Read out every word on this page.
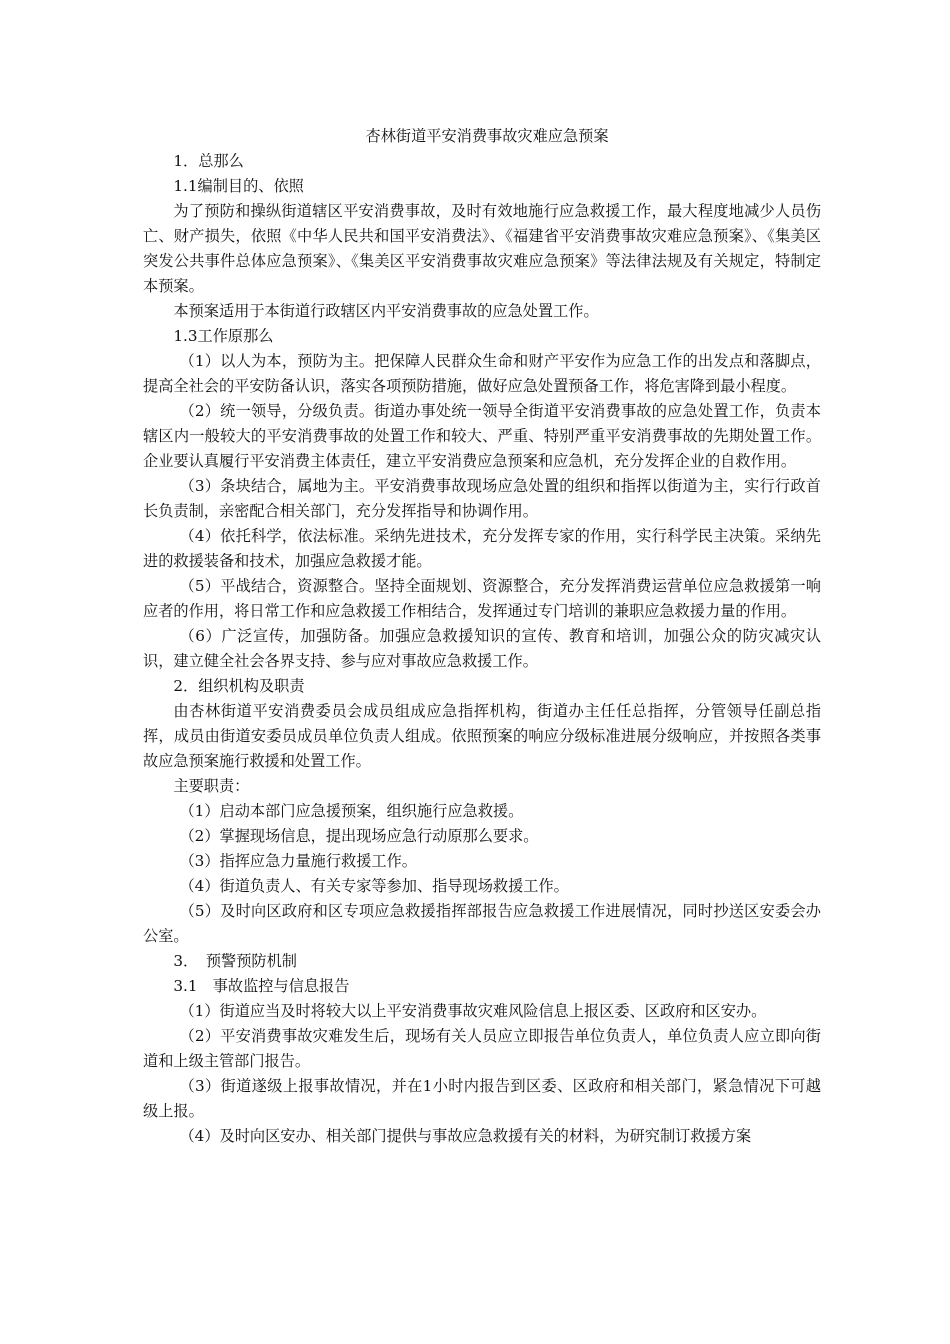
杏林街道平安消费事故灾难应急预案

1．总那么

1.1编制目的、依照

为了预防和操纵街道辖区平安消费事故，及时有效地施行应急救援工作，最大程度地减少人员伤亡、财产损失，依照《中华人民共和国平安消费法》、《福建省平安消费事故灾难应急预案》、《集美区突发公共事件总体应急预案》、《集美区平安消费事故灾难应急预案》等法律法规及有关规定，特制定本预案。

本预案适用于本街道行政辖区内平安消费事故的应急处置工作。

1.3工作原那么

（1）以人为本，预防为主。把保障人民群众生命和财产平安作为应急工作的出发点和落脚点，提高全社会的平安防备认识，落实各项预防措施，做好应急处置预备工作，将危害降到最小程度。

（2）统一领导，分级负责。街道办事处统一领导全街道平安消费事故的应急处置工作，负责本辖区内一般较大的平安消费事故的处置工作和较大、严重、特别严重平安消费事故的先期处置工作。企业要认真履行平安消费主体责任，建立平安消费应急预案和应急机，充分发挥企业的自救作用。

（3）条块结合，属地为主。平安消费事故现场应急处置的组织和指挥以街道为主，实行行政首长负责制，亲密配合相关部门，充分发挥指导和协调作用。

（4）依托科学，依法标准。采纳先进技术，充分发挥专家的作用，实行科学民主决策。采纳先进的救援装备和技术，加强应急救援才能。

（5）平战结合，资源整合。坚持全面规划、资源整合，充分发挥消费运营单位应急救援第一响应者的作用，将日常工作和应急救援工作相结合，发挥通过专门培训的兼职应急救援力量的作用。

（6）广泛宣传，加强防备。加强应急救援知识的宣传、教育和培训，加强公众的防灾减灾认识，建立健全社会各界支持、参与应对事故应急救援工作。

2．组织机构及职责

由杏林街道平安消费委员会成员组成应急指挥机构，街道办主任任总指挥，分管领导任副总指挥，成员由街道安委员成员单位负责人组成。依照预案的响应分级标准进展分级响应，并按照各类事故应急预案施行救援和处置工作。

主要职责：

（1）启动本部门应急援预案，组织施行应急救援。

（2）掌握现场信息，提出现场应急行动原那么要求。

（3）指挥应急力量施行救援工作。

（4）街道负责人、有关专家等参加、指导现场救援工作。

（5）及时向区政府和区专项应急救援指挥部报告应急救援工作进展情况，同时抄送区安委会办公室。

3．　预警预防机制

3.1　事故监控与信息报告

（1）街道应当及时将较大以上平安消费事故灾难风险信息上报区委、区政府和区安办。

（2）平安消费事故灾难发生后，现场有关人员应立即报告单位负责人，单位负责人应立即向街道和上级主管部门报告。

（3）街道遂级上报事故情况，并在1小时内报告到区委、区政府和相关部门，紧急情况下可越级上报。

（4）及时向区安办、相关部门提供与事故应急救援有关的材料，为研究制订救援方案
